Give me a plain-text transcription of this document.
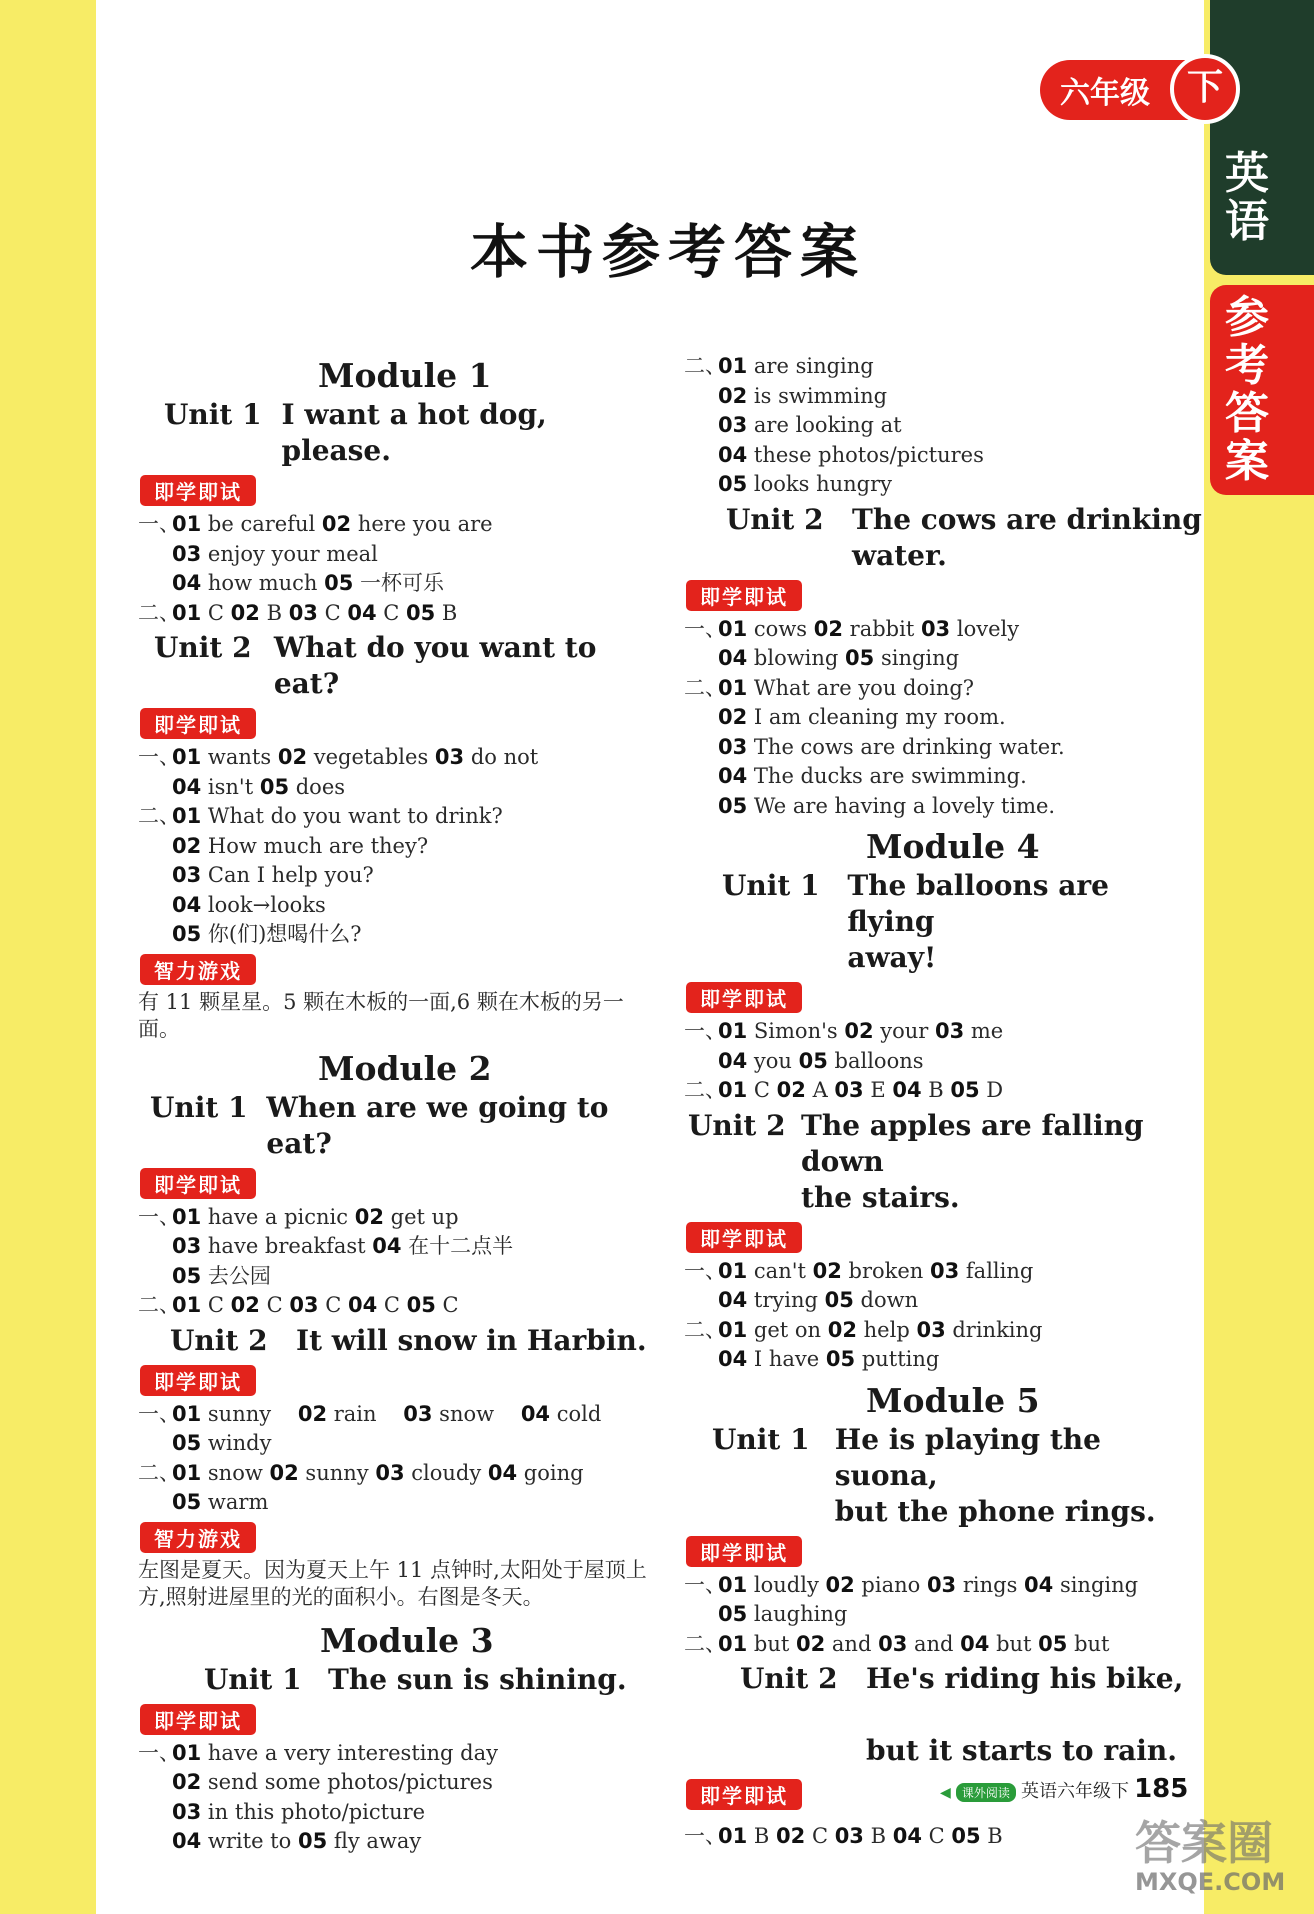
英语
参考答案
六年级	下
本书参考答案
Module 1
Unit 1 I want a hot dog, please.
即学即试
一、01 be careful 02 here you are
03 enjoy your meal
04 how much 05 一杯可乐
二、01 C 02 B 03 C 04 C 05 B
Unit 2 What do you want to eat?
即学即试
一、01 wants 02 vegetables 03 do not
04 isn't 05 does
二、01 What do you want to drink?
02 How much are they?
03 Can I help you?
04 look→looks
05 你(们)想喝什么?
智力游戏
有 11 颗星星。5 颗在木板的一面,6 颗在木板的另一面。
Module 2
Unit 1 When are we going to eat?
即学即试
一、01 have a picnic 02 get up
03 have breakfast 04 在十二点半
05 去公园
二、01 C 02 C 03 C 04 C 05 C
Unit 2	It will snow in Harbin.
即学即试
一、01 sunny    02 rain    03 snow    04 cold
05 windy
二、01 snow 02 sunny 03 cloudy 04 going
05 warm
智力游戏
左图是夏天。因为夏天上午 11 点钟时,太阳处于屋顶上方,照射进屋里的光的面积小。右图是冬天。
Module 3
Unit 1 The sun is shining.
即学即试
一、01 have a very interesting day
02 send some photos/pictures
03 in this photo/picture
04 write to 05 fly away
二、01 are singing
02 is swimming
03 are looking at
04 these photos/pictures
05 looks hungry
Unit 2	The cows are drinking
water.
即学即试
一、01 cows 02 rabbit 03 lovely
04 blowing 05 singing
二、01 What are you doing?
02 I am cleaning my room.
03 The cows are drinking water.
04 The ducks are swimming.
05 We are having a lovely time.
Module 4
Unit 1 The balloons are flying
away!
即学即试
一、01 Simon's 02 your 03 me
04 you 05 balloons
二、01 C 02 A 03 E 04 B 05 D
Unit 2 The apples are falling down
the stairs.
即学即试
一、01 can't 02 broken 03 falling
04 trying 05 down
二、01 get on 02 help 03 drinking
04 I have 05 putting
Module 5
Unit 1 He is playing the suona,
but the phone rings.
即学即试
一、01 loudly 02 piano 03 rings 04 singing
05 laughing
二、01 but 02 and 03 and 04 but 05 but
Unit 2	He's riding his bike,

but it starts to rain.
即学即试
一、01 B 02 C 03 B 04 C 05 B
◀ 课外阅读 英语六年级下 185
答案圈
MXQE.COM
